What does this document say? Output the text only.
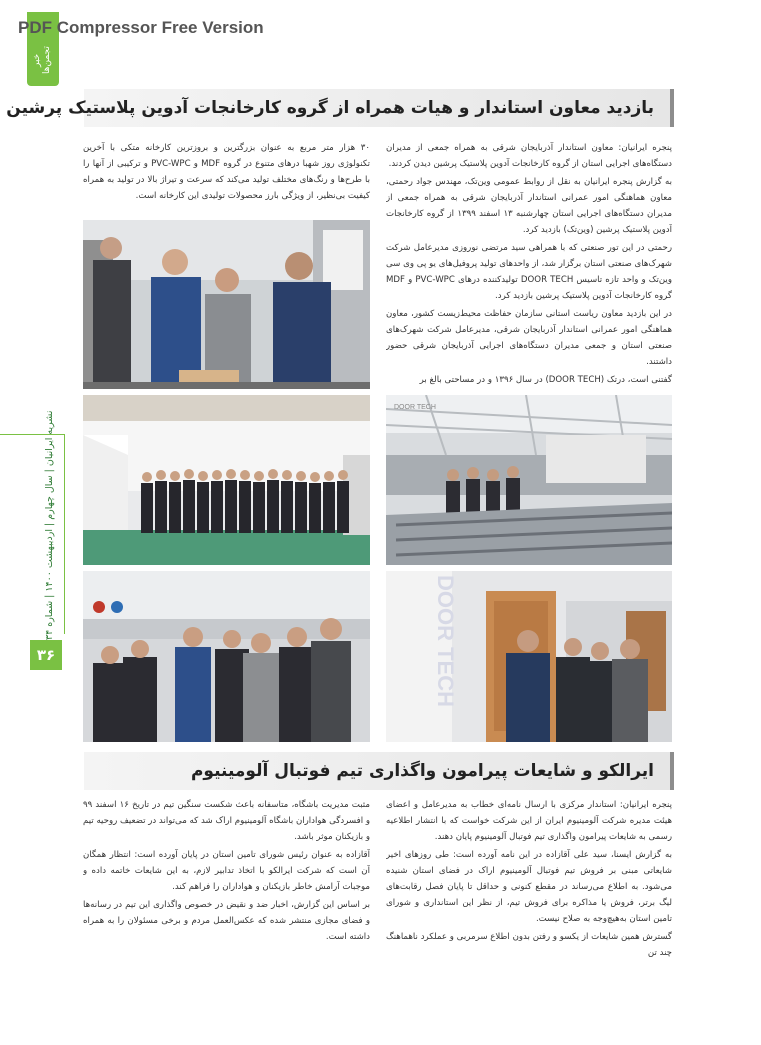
PDF Compressor Free Version
خبر تجمن‌ها
نشریه ایرانیان | سال چهارم | اردیبهشت ۱۴۰۰ | شماره ۳۴
۳۶
بازدید معاون استاندار و هیات همراه از گروه کارخانجات آدوین پلاستیک پرشین

پنجره ایرانیان: معاون استاندار آذربایجان شرقی به همراه جمعی از مدیران دستگاه‌های اجرایی استان از گروه کارخانجات آدوین پلاستیک پرشین دیدن کردند.

به گزارش پنجره ایرانیان به نقل از روابط عمومی وین‌تک، مهندس جواد رحمتی، معاون هماهنگی امور عمرانی استاندار آذربایجان شرقی به همراه جمعی از مدیران دستگاه‌های اجرایی استان چهارشنبه ۱۳ اسفند ۱۳۹۹ از گروه کارخانجات آدوین پلاستیک پرشین (وین‌تک) بازدید کرد.

رحمتی در این تور صنعتی که با همراهی سید مرتضی نوروزی مدیرعامل شرکت شهرک‌های صنعتی استان برگزار شد، از واحدهای تولید پروفیل‌های یو پی وی سی وین‌تک و واحد تازه تاسیس DOOR TECH تولیدکننده درهای PVC-WPC و MDF گروه کارخانجات آدوین پلاستیک پرشین بازدید کرد.

در این بازدید معاون ریاست استانی سازمان حفاظت محیط‌زیست کشور، معاون هماهنگی امور عمرانی استاندار آذربایجان شرقی، مدیرعامل شرکت شهرک‌های صنعتی استان و جمعی مدیران دستگاه‌های اجرایی آذربایجان شرقی حضور داشتند.

گفتنی است، درتک (DOOR TECH) در سال ۱۳۹۶ و در مساحتی بالغ بر

۳۰ هزار متر مربع به عنوان بزرگترین و بروزترین کارخانه متکی با آخرین تکنولوژی روز شهبا درهای متنوع در گروه MDF و PVC-WPC و ترکیبی از آنها را با طرح‌ها و رنگ‌های مختلف تولید می‌کند که سرعت و تیراژ بالا در تولید به همراه کیفیت بی‌نظیر، از ویژگی بارز محصولات تولیدی این کارخانه است.

DOOR TECH
DOOR TECH
ایرالکو و شایعات پیرامون واگذاری تیم فوتبال آلومینیوم

پنجره ایرانیان: استاندار مرکزی با ارسال نامه‌ای خطاب به مدیرعامل و اعضای هیئت مدیره شرکت آلومینیوم ایران از این شرکت خواست که با انتشار اطلاعیه رسمی به شایعات پیرامون واگذاری تیم فوتبال آلومینیوم پایان دهند.

به گزارش ایسنا، سید علی آقازاده در این نامه آورده است: طی روزهای اخیر شایعاتی مبنی بر فروش تیم فوتبال آلومینیوم اراک در فضای استان شنیده می‌شود. به اطلاع می‌رساند در مقطع کنونی و حداقل تا پایان فصل رقابت‌های لیگ برتر، فروش یا مذاکره برای فروش تیم، از نظر این استانداری و شورای تامین استان به‌هیچ‌وجه به صلاح نیست.

گسترش همین شایعات از یکسو و رفتن بدون اطلاع سرمربی و عملکرد ناهماهنگ چند تن

مثبت مدیریت باشگاه، متاسفانه باعث شکست سنگین تیم در تاریخ ۱۶ اسفند ۹۹ و افسردگی هواداران باشگاه آلومینیوم اراک شد که می‌تواند در تضعیف روحیه تیم و بازیکنان موثر باشد.

آقازاده به عنوان رئیس شورای تامین استان در پایان آورده است: انتظار همگان آن است که شرکت ایرالکو با اتخاذ تدابیر لازم، به این شایعات خاتمه داده و موجبات آرامش خاطر بازیکنان و هواداران را فراهم کند.

بر اساس این گزارش، اخبار ضد و نقیض در خصوص واگذاری این تیم در رسانه‌ها و فضای مجازی منتشر شده که عکس‌العمل مردم و برخی مسئولان را به همراه داشته است.
